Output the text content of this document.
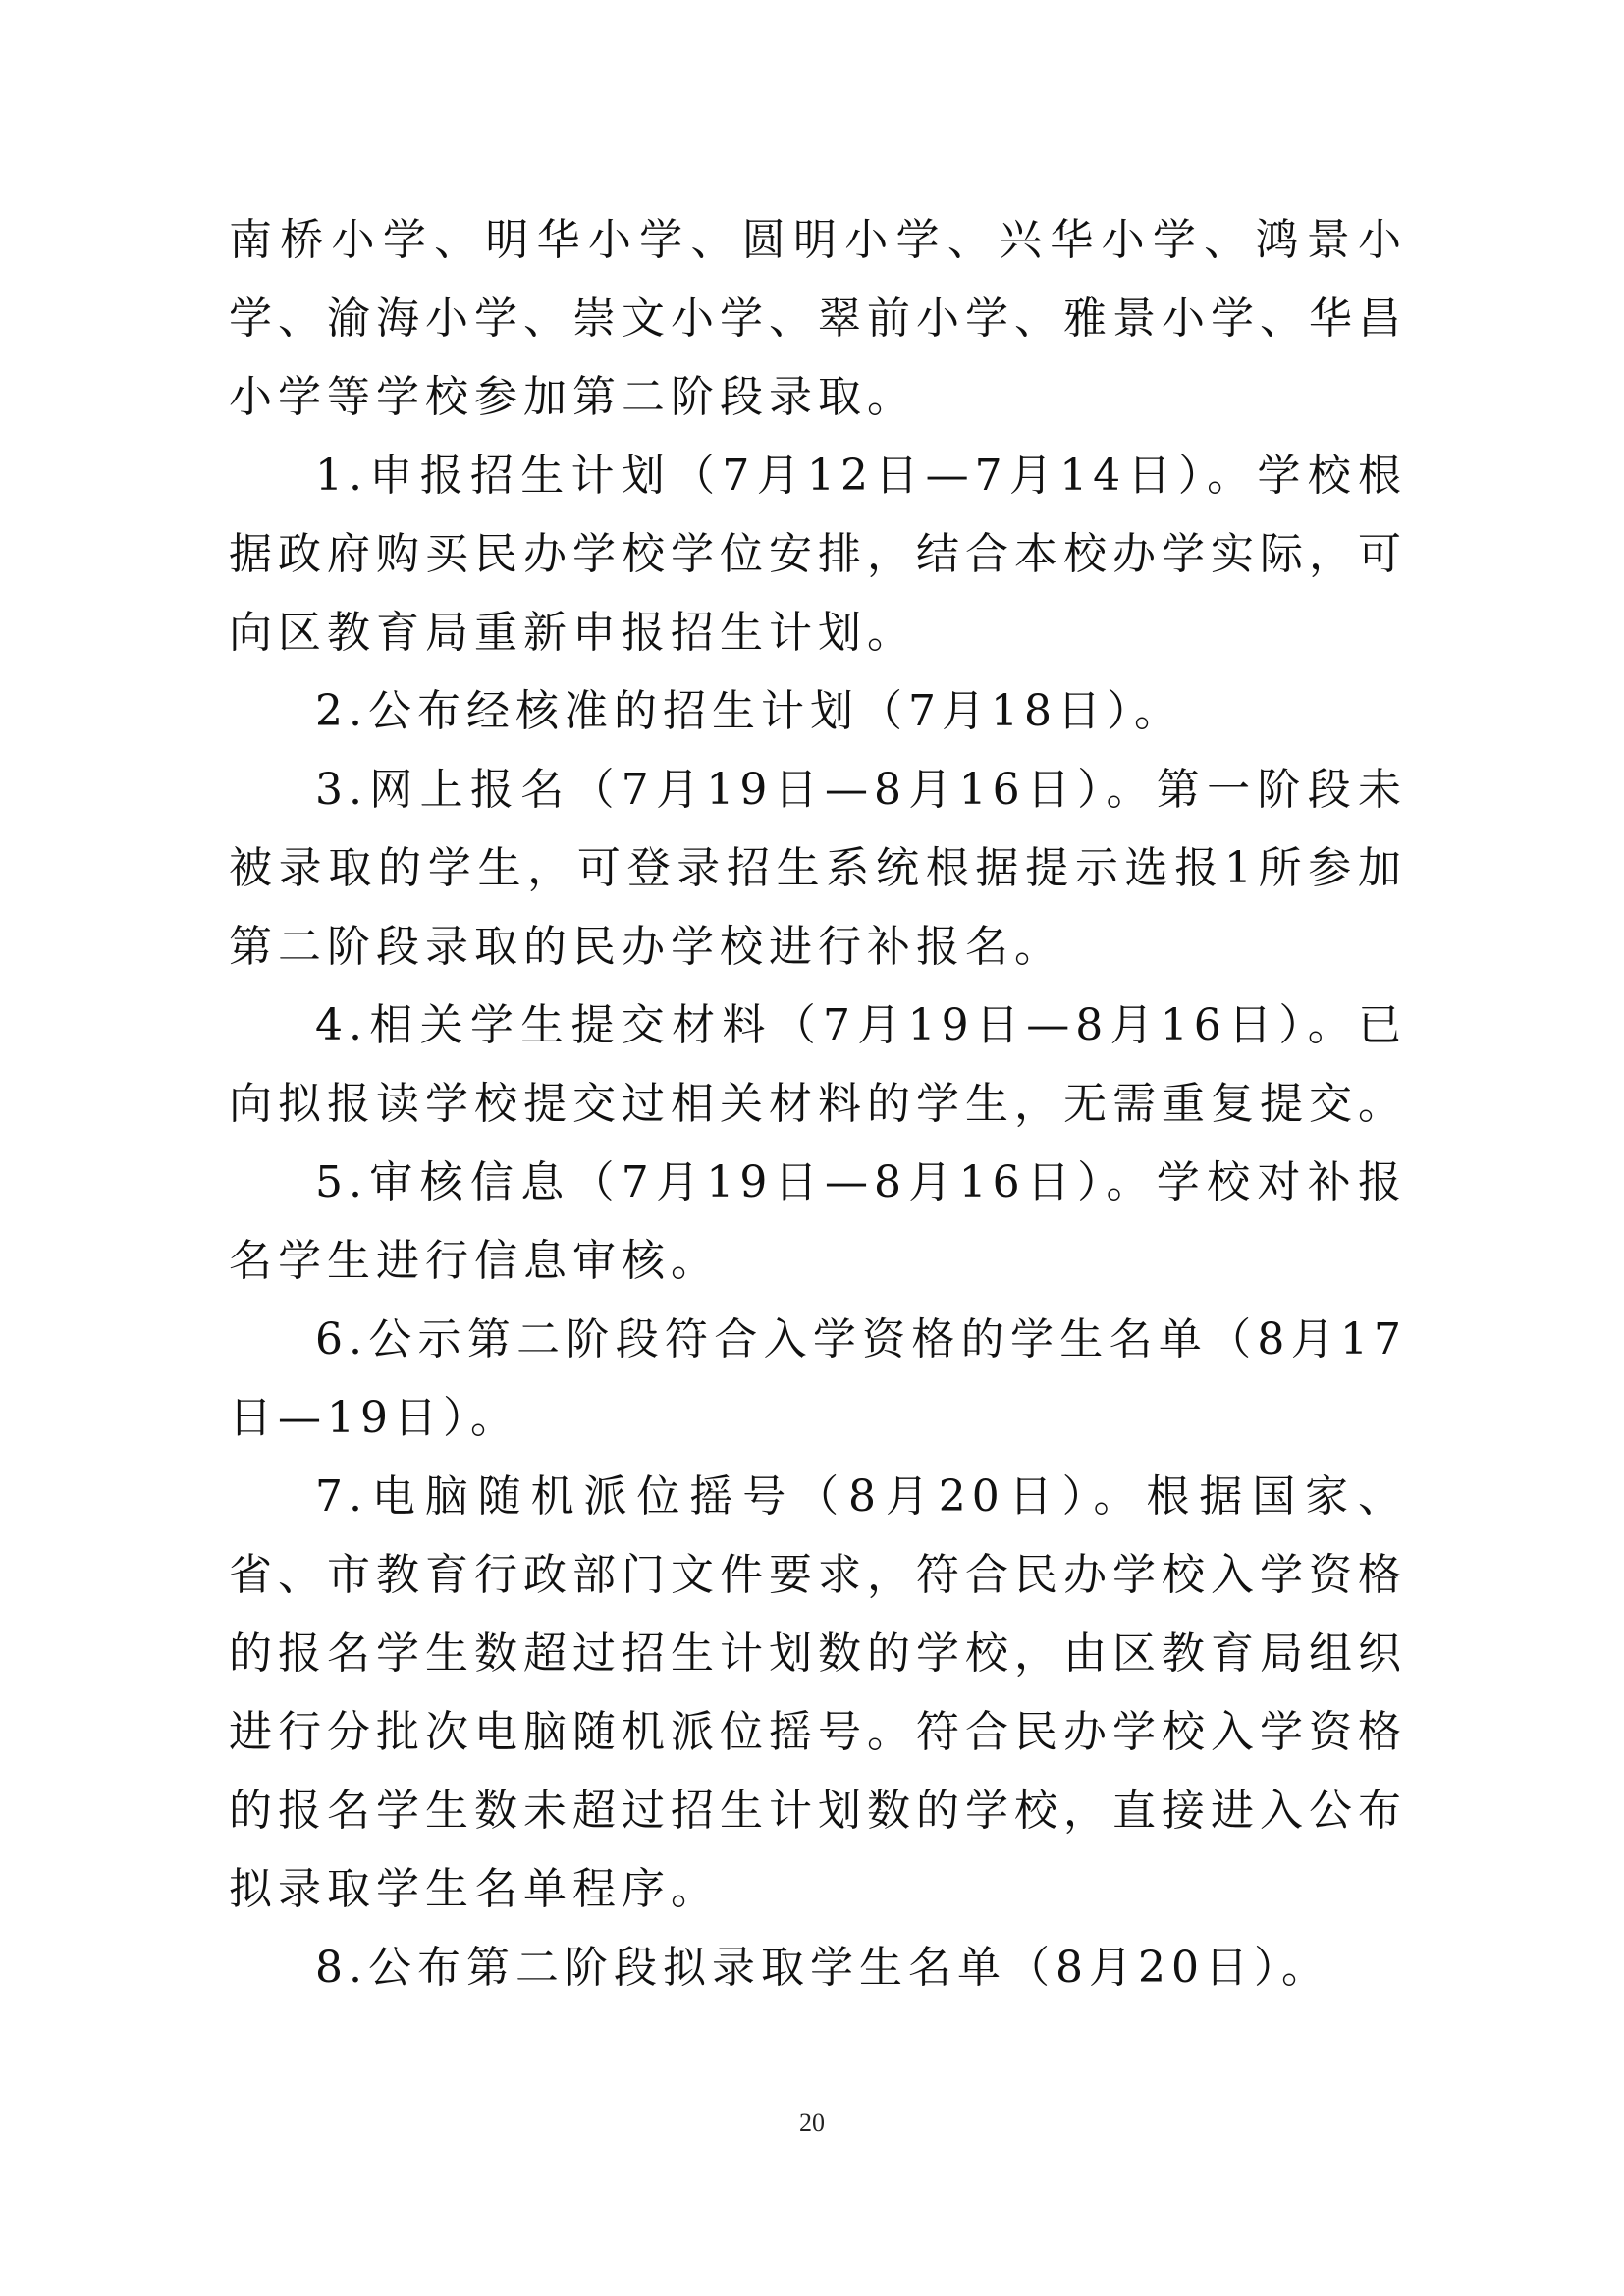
南桥小学、明华小学、圆明小学、兴华小学、鸿景小学、渝海小学、崇文小学、翠前小学、雅景小学、华昌小学等学校参加第二阶段录取。

1.申报招生计划（7月12日—7月14日）。学校根据政府购买民办学校学位安排，结合本校办学实际，可向区教育局重新申报招生计划。

2.公布经核准的招生计划（7月18日）。

3.网上报名（7月19日—8月16日）。第一阶段未被录取的学生，可登录招生系统根据提示选报1所参加第二阶段录取的民办学校进行补报名。

4.相关学生提交材料（7月19日—8月16日）。已向拟报读学校提交过相关材料的学生，无需重复提交。

5.审核信息（7月19日—8月16日）。学校对补报名学生进行信息审核。

6.公示第二阶段符合入学资格的学生名单（8月17日—19日）。

7.电脑随机派位摇号（8月20日）。根据国家、省、市教育行政部门文件要求，符合民办学校入学资格的报名学生数超过招生计划数的学校，由区教育局组织进行分批次电脑随机派位摇号。符合民办学校入学资格的报名学生数未超过招生计划数的学校，直接进入公布拟录取学生名单程序。

8.公布第二阶段拟录取学生名单（8月20日）。

20
